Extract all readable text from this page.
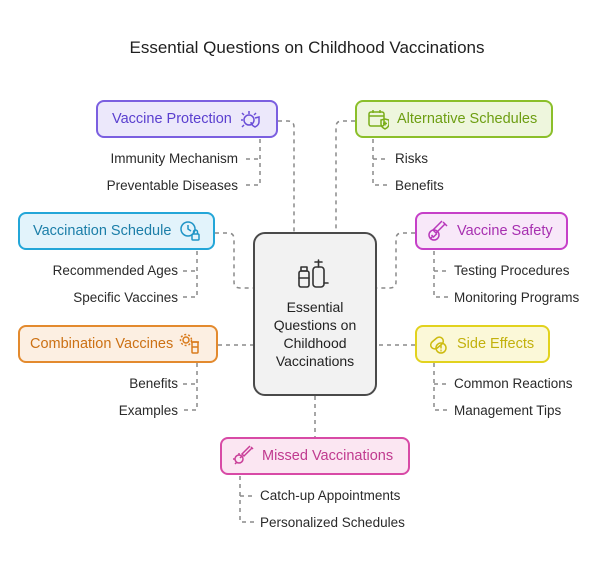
Essential Questions on Childhood Vaccinations
Essential Questions on Childhood Vaccinations
Vaccine Protection
Immunity Mechanism
Preventable Diseases
Alternative Schedules
Risks
Benefits
Vaccination Schedule
Recommended Ages
Specific Vaccines
Vaccine Safety
Testing Procedures
Monitoring Programs
Combination Vaccines
Benefits
Examples
Side Effects
Common Reactions
Management Tips
Missed Vaccinations
Catch-up Appointments
Personalized Schedules
